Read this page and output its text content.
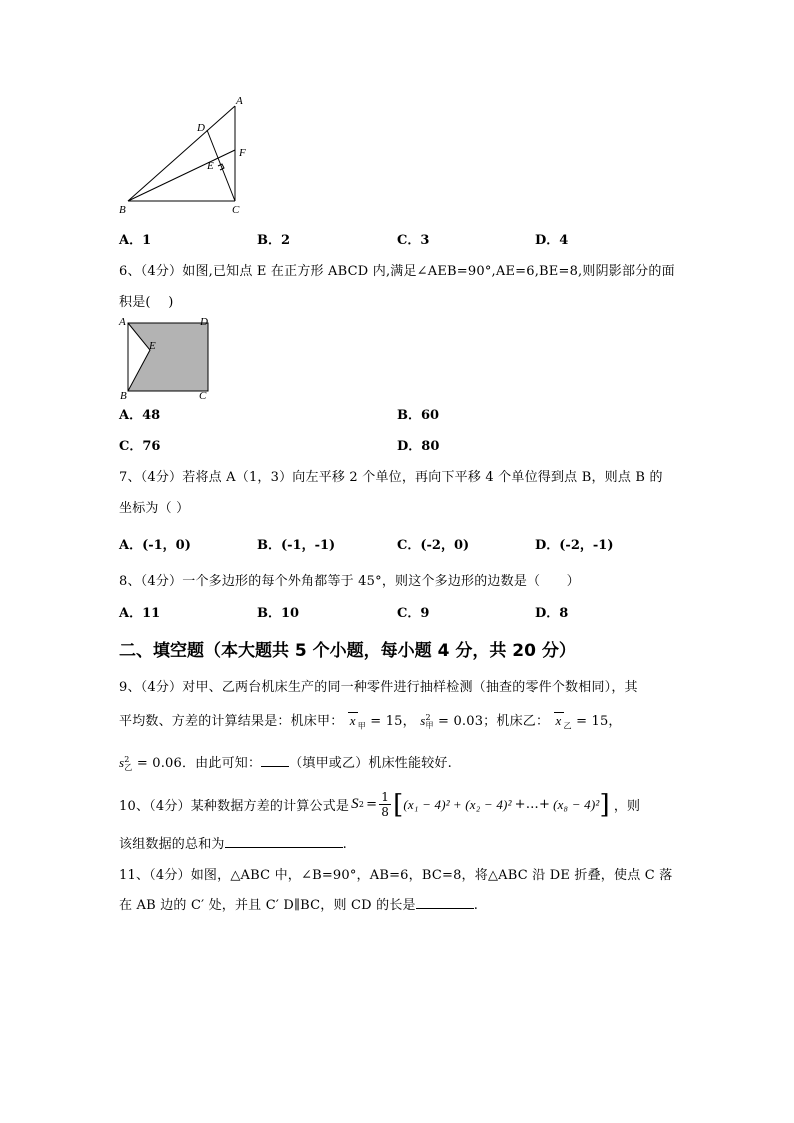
A
D
F
E
B	C
A．1	B．2	C．3	D．4
6、（4分）如图,已知点 E 在正方形 ABCD 内,满足∠AEB=90°,AE=6,BE=8,则阴影部分的面
积是(　 )
A	D
E
B	C
A．48	B．60
C．76	D．80
7、（4分）若将点 A（1，3）向左平移 2 个单位，再向下平移 4 个单位得到点 B，则点 B 的
坐标为（ ）
A．(-1，0)	B．(-1，-1)	C．(-2，0)	D．(-2，-1)
8、（4分）一个多边形的每个外角都等于 45°，则这个多边形的边数是（　　）
A．11	B．10	C．9	D．8
二、填空题（本大题共 5 个小题，每小题 4 分，共 20 分）
9、（4分）对甲、乙两台机床生产的同一种零件进行抽样检测（抽查的零件个数相同），其
平均数、方差的计算结果是：机床甲： x $_甲$ = 15， s2
甲 = 0.03；机床乙： x $_乙$ = 15，
s2
乙 = 0.06．由此可知： （填甲或乙）机床性能较好.
10、（4分）某种数据方差的计算公式是 S $2 = \frac{1}{8}$ [ (x₁ − 4)² + (x₂ − 4)² +…+ (x₈ − 4)² ] ，则
该组数据的总和为	.
11、（4分）如图，△ABC 中，∠B=90°，AB=6，BC=8，将△ABC 沿 DE 折叠，使点 C 落
在 AB 边的 C′ 处，并且 C′ D∥BC，则 CD 的长是	.
